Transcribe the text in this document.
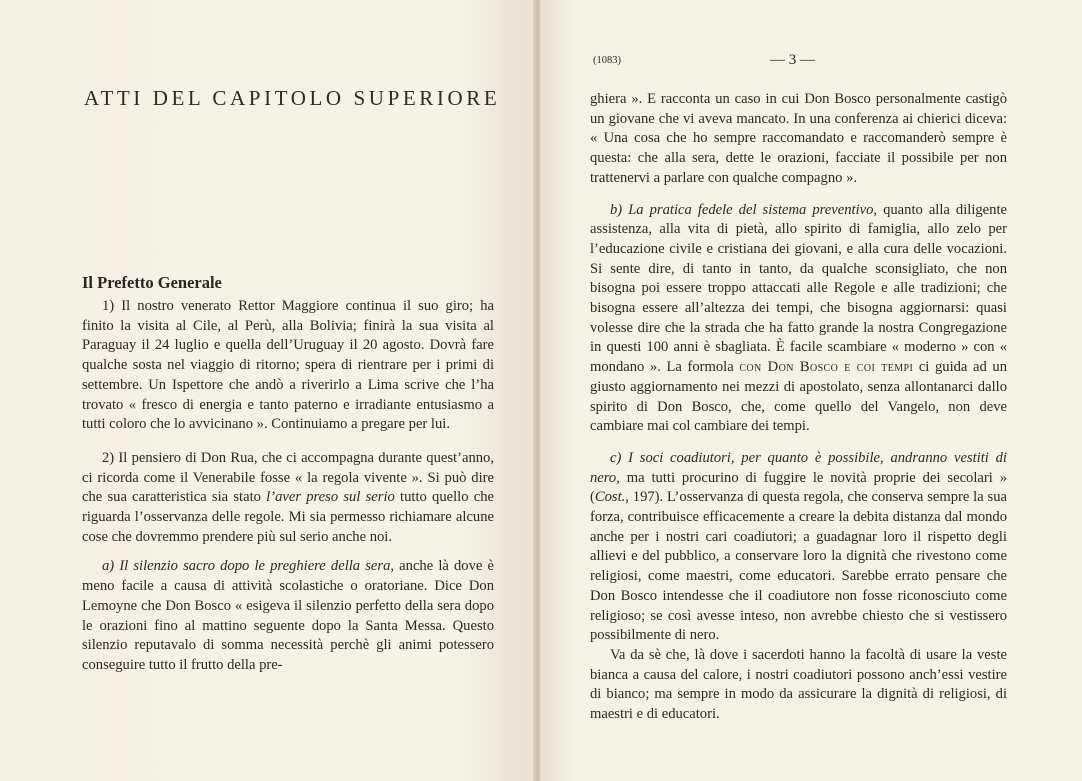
ATTI DEL CAPITOLO SUPERIORE
Il Prefetto Generale

1) Il nostro venerato Rettor Maggiore continua il suo giro; ha finito la visita al Cile, al Perù, alla Bolivia; finirà la sua visita al Paraguay il 24 luglio e quella dell’Uruguay il 20 agosto. Dovrà fare qualche sosta nel viaggio di ritorno; spera di rientrare per i primi di settembre. Un Ispettore che andò a riverirlo a Lima scrive che l’ha trovato « fresco di energia e tanto paterno e irradiante entusiasmo a tutti coloro che lo avvicinano ». Continuiamo a pregare per lui.

2) Il pensiero di Don Rua, che ci accompagna durante quest’anno, ci ricorda come il Venerabile fosse « la regola vivente ». Si può dire che sua caratteristica sia stato l’aver preso sul serio tutto quello che riguarda l’osservanza delle regole. Mi sia permesso richiamare alcune cose che dovremmo prendere più sul serio anche noi.

a) Il silenzio sacro dopo le preghiere della sera, anche là dove è meno facile a causa di attività scolastiche o oratoriane. Dice Don Lemoyne che Don Bosco « esigeva il silenzio perfetto della sera dopo le orazioni fino al mattino seguente dopo la Santa Messa. Questo silenzio reputavalo di somma necessità perchè gli animi potessero conseguire tutto il frutto della pre-

(1083)	— 3 —

ghiera ». E racconta un caso in cui Don Bosco personalmente castigò un giovane che vi aveva mancato. In una conferenza ai chierici diceva: « Una cosa che ho sempre raccomandato e raccomanderò sempre è questa: che alla sera, dette le orazioni, facciate il possibile per non trattenervi a parlare con qualche compagno ».

b) La pratica fedele del sistema preventivo, quanto alla diligente assistenza, alla vita di pietà, allo spirito di famiglia, allo zelo per l’educazione civile e cristiana dei giovani, e alla cura delle vocazioni. Si sente dire, di tanto in tanto, da qualche sconsigliato, che non bisogna poi essere troppo attaccati alle Regole e alle tradizioni; che bisogna essere all’altezza dei tempi, che bisogna aggiornarsi: quasi volesse dire che la strada che ha fatto grande la nostra Congregazione in questi 100 anni è sbagliata. È facile scambiare « moderno » con « mondano ». La formola con Don Bosco e coi tempi ci guida ad un giusto aggiornamento nei mezzi di apostolato, senza allontanarci dallo spirito di Don Bosco, che, come quello del Vangelo, non deve cambiare mai col cambiare dei tempi.

c) I soci coadiutori, per quanto è possibile, andranno vestiti di nero, ma tutti procurino di fuggire le novità proprie dei secolari » (Cost., 197). L’osservanza di questa regola, che conserva sempre la sua forza, contribuisce efficacemente a creare la debita distanza dal mondo anche per i nostri cari coadiutori; a guadagnar loro il rispetto degli allievi e del pubblico, a conservare loro la dignità che rivestono come religiosi, come maestri, come educatori. Sarebbe errato pensare che Don Bosco intendesse che il coadiutore non fosse riconosciuto come religioso; se così avesse inteso, non avrebbe chiesto che si vestissero possibilmente di nero.

Va da sè che, là dove i sacerdoti hanno la facoltà di usare la veste bianca a causa del calore, i nostri coadiutori possono anch’essi vestire di bianco; ma sempre in modo da assicurare la dignità di religiosi, di maestri e di educatori.
